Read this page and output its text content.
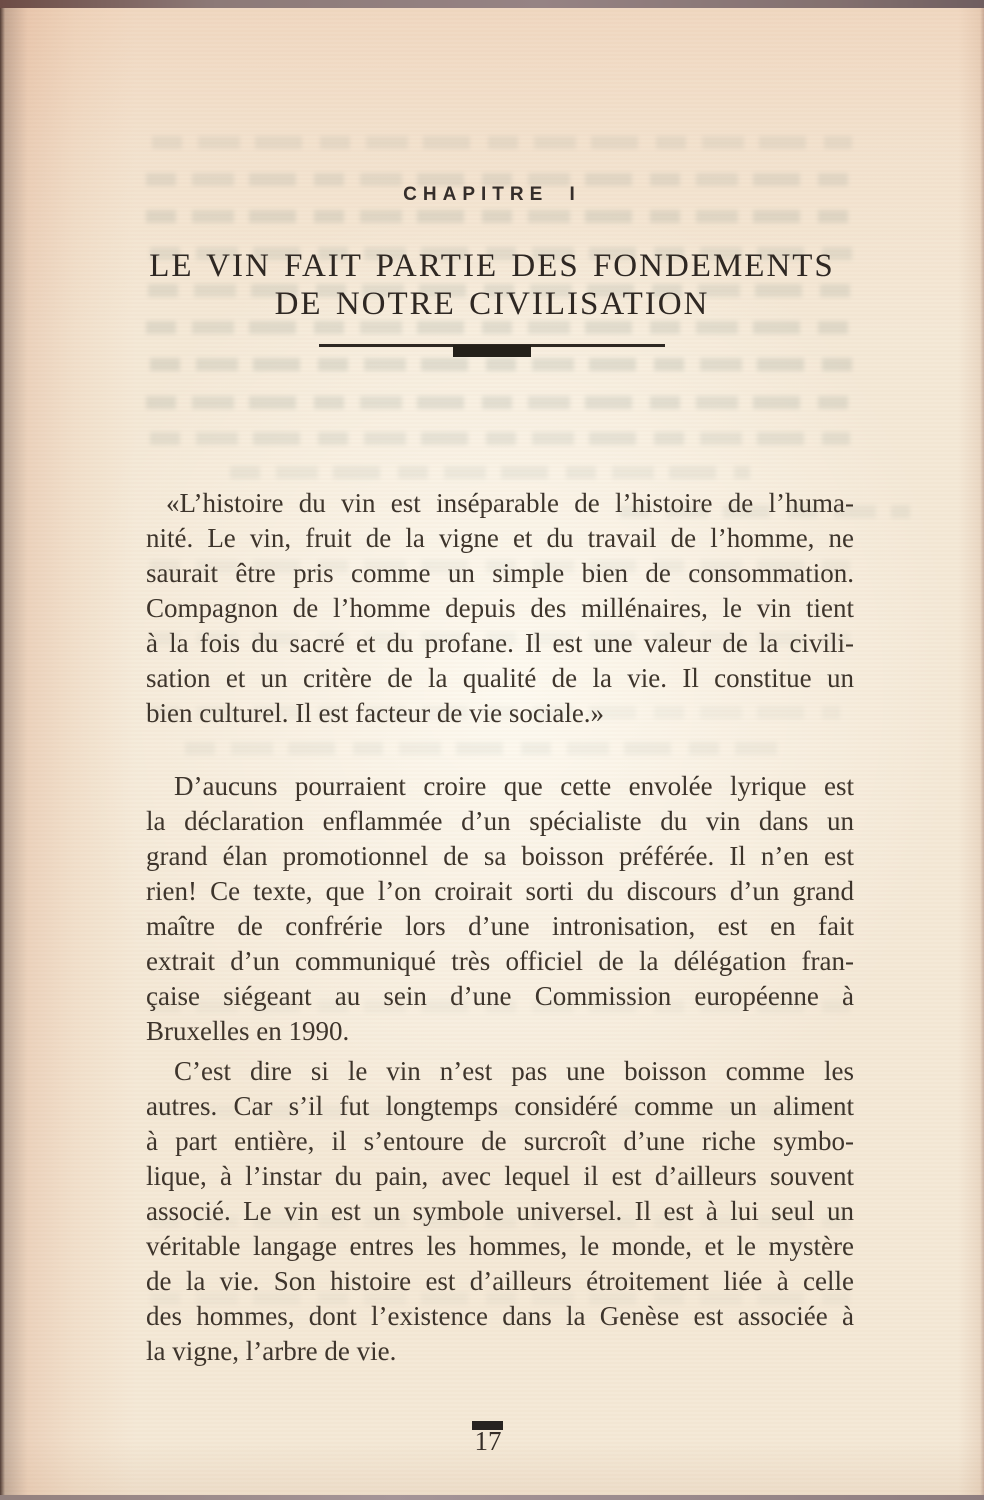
CHAPITRE I
LE VIN FAIT PARTIE DES FONDEMENTS
DE NOTRE CIVILISATION
«L’histoire du vin est inséparable de l’histoire de l’huma-
nité. Le vin, fruit de la vigne et du travail de l’homme, ne
saurait être pris comme un simple bien de consommation.
Compagnon de l’homme depuis des millénaires, le vin tient
à la fois du sacré et du profane. Il est une valeur de la civili-
sation et un critère de la qualité de la vie. Il constitue un
bien culturel. Il est facteur de vie sociale.»
D’aucuns pourraient croire que cette envolée lyrique est
la déclaration enflammée d’un spécialiste du vin dans un
grand élan promotionnel de sa boisson préférée. Il n’en est
rien! Ce texte, que l’on croirait sorti du discours d’un grand
maître de confrérie lors d’une intronisation, est en fait
extrait d’un communiqué très officiel de la délégation fran-
çaise siégeant au sein d’une Commission européenne à
Bruxelles en 1990.
C’est dire si le vin n’est pas une boisson comme les
autres. Car s’il fut longtemps considéré comme un aliment
à part entière, il s’entoure de surcroît d’une riche symbo-
lique, à l’instar du pain, avec lequel il est d’ailleurs souvent
associé. Le vin est un symbole universel. Il est à lui seul un
véritable langage entres les hommes, le monde, et le mystère
de la vie. Son histoire est d’ailleurs étroitement liée à celle
des hommes, dont l’existence dans la Genèse est associée à
la vigne, l’arbre de vie.
17
